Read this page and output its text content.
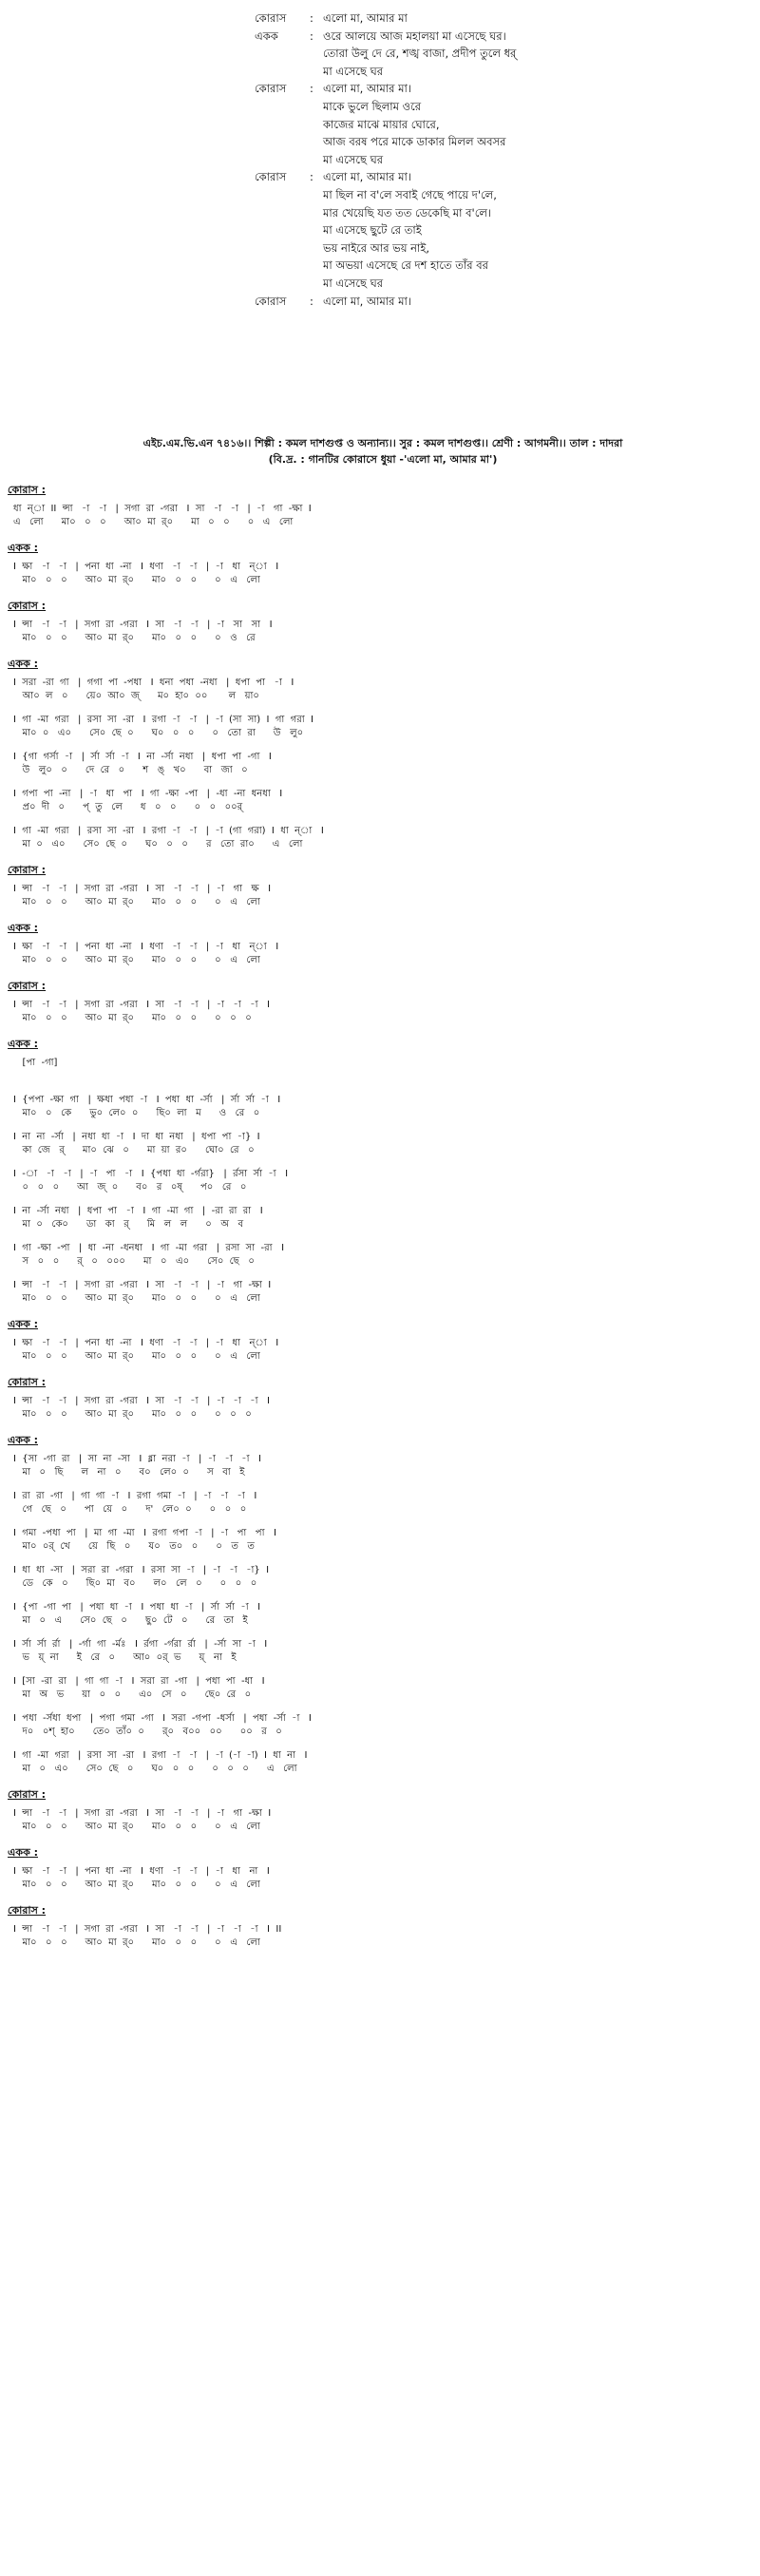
কোরাস	: এলো মা, আমার মা
একক	: ওরে আলয়ে আজ মহালয়া মা এসেছে ঘর।
তোরা উলু দে রে, শঙ্খ বাজা, প্রদীপ তুলে ধর্‌
মা এসেছে ঘর
কোরাস	: এলো মা, আমার মা।
মাকে ভুলে ছিলাম ওরে
কাজের মাঝে মায়ার ঘোরে,
আজ বরষ পরে মাকে ডাকার মিলল অবসর
মা এসেছে ঘর
কোরাস	: এলো মা, আমার মা।
মা ছিল না ব'লে সবাই গেছে পায়ে দ'লে,
মার খেয়েছি যত তত ডেকেছি মা ব'লে।
মা এসেছে ছুটে রে তাই
ভয় নাইরে আর ভয় নাই,
মা অভয়া এসেছে রে দশ হাতে তাঁর বর
মা এসেছে ঘর
কোরাস	: এলো মা, আমার মা।
এইচ.এম.ভি.এন ৭৪১৬।। শিল্পী : কমল দাশগুপ্ত ও অন্যান্য।। সুর : কমল দাশগুপ্ত।। শ্রেণী : আগমনী।। তাল : দাদরা
(বি.দ্র. : গানটির কোরাসে ধুয়া -'এলো মা, আমার মা')
কোরাস :
ধা  ন্া  II  ন্সা   -া   -া   |  সগা  রা  -গরা   I  সা   -া   -া   |  -া   গা  -ক্ষা  I
এ   লো      মা০   ০   ০      আ০  মা  র্‌০      মা   ০   ০      ০   এ   লো
একক :
I  ক্ষা   -া   -া   |  পনা  ধা  -না   I  ধণা   -া   -া   |  -া   ধা   ন্া   I
মা০   ০   ০      আ০  মা  র্‌০      মা০   ০   ০      ০   এ   লো
কোরাস :
I  ন্সা   -া   -া   |  সগা  রা  -গরা   I  সা   -া   -া   |  -া   সা   সা   I
মা০   ০   ০      আ০  মা  র্‌০      মা০   ০   ০      ০   ও   রে
একক :
I  সরা  -রা  গা   |  গগা  পা  -পধা   I  ধনা  পধা  -নধা   |  ধপা  পা   -া   I
আ০  ল   ০      য়ে০  আ০  জ্‌      ম০  হা০  ০০       ল   য়া০
I  গা  -মা  গরা   |  রসা  সা  -রা   I  রগা  -া   -া   |  -া  (সা  সা)  I  গা  গরা  I
মা০  ০   এ০      সে০  ছে  ০      ঘ০   ০   ০      ০   তো  রা      উ   লু০
I  {গা  গর্সা  -া   |  র্সা  র্সা  -া   I  না  -র্সা  নধা   |  ধপা  পা  -গা   I
উ   লু০   ০      দে  রে   ০      শ   ঙ্‌   খ০      বা   জা   ০
I  গপা  পা  -না   |  -া   ধা   পা   I  গা  -ক্ষা  -পা   |  -ধা  -না  ধনধা   I
প্র০  দী   ০      প্‌  তু   লে      ধ   ০   ০      ০   ০   ০০র্‌
I  গা  -মা  গরা   |  রসা  সা  -রা   I  রগা  -া   -া   |  -া  (গা  গরা)  I  ধা  ন্া   I
মা  ০   এ০      সে০  ছে  ০      ঘ০   ০   ০      র   তো  রা০      এ   লো
কোরাস :
I  ন্সা   -া   -া   |  সগা  রা  -গরা   I  সা   -া   -া   |  -া   গা   ক্ষ   I
মা০   ০   ০      আ০  মা  র্‌০      মা০   ০   ০      ০   এ   লো
একক :
I  ক্ষা   -া   -া   |  পনা  ধা  -না   I  ধণা   -া   -া   |  -া   ধা   ন্া   I
মা০   ০   ০      আ০  মা  র্‌০      মা০   ০   ০      ০   এ   লো
কোরাস :
I  ন্সা   -া   -া   |  সগা  রা  -গরা   I  সা   -া   -া   |  -া   -া   -া   I
মা০   ০   ০      আ০  মা  র্‌০      মা০   ০   ০      ০   ০   ০
একক :
[পা  -গা]
I  {পপা  -ক্ষা  গা   |  ক্ষধা  পধা  -া   I  পধা  ধা  -র্সা   |  র্সা  র্সা  -া   I
মা০   ০   কে      ভু০  লে০  ০      ছি০  লা   ম      ও   রে   ০
I  না  না  -র্সা   |  নধা  ধা  -া   I  দা  ধা  নধা   |  ধপা  পা  -া}  I
কা  জে   র্‌      মা০  ঝে   ০      মা  য়া  র০      ঘো০  রে   ০
I  -া   -া   -া   |  -া   পা   -া   I  {পধা  ধা  -র্গরা}   |  র্রসা  র্সা  -া   I
০   ০   ০      আ   জ্‌  ০      ব০   র   ০ষ্‌      প০   রে   ০
I  না  -র্সা  নধা   |  ধপা  পা   -া   I  গা  -মা  গা   |  -রা  রা  রা   I
মা  ০   কে০      ডা   কা   র্‌      মি   ল   ল      ০   অ   ব
I  গা  -ক্ষা  -পা   |  ধা  -না  -ধনধা   I  গা  -মা  গরা   |  রসা  সা  -রা   I
স   ০   ০      র্‌   ০   ০০০      মা   ০   এ০      সে০  ছে   ০
I  ন্সা   -া   -া   |  সগা  রা  -গরা   I  সা   -া   -া   |  -া   গা  -ক্ষা  I
মা০   ০   ০      আ০  মা  র্‌০      মা০   ০   ০      ০   এ   লো
একক :
I  ক্ষা   -া   -া   |  পনা  ধা  -না   I  ধণা   -া   -া   |  -া   ধা   ন্া   I
মা০   ০   ০      আ০  মা  র্‌০      মা০   ০   ০      ০   এ   লো
কোরাস :
I  ন্সা   -া   -া   |  সগা  রা  -গরা   I  সা   -া   -া   |  -া   -া   -া   I
মা০   ০   ০      আ০  মা  র্‌০      মা০   ০   ০      ০   ০   ০
একক :
I  {সা  -গা  রা   |  সা  না  -সা   I  ধ্না  নরা  -া   |  -া   -া   -া   I
মা   ০   ছি      ল   না   ০      ব০   লে০  ০      স   বা   ই
I  রা  রা  -গা   |  গা  গা  -া   I  রগা  গমা  -া   |  -া   -া   -া   I
গে   ছে   ০      পা   য়ে   ০      দ'   লে০  ০      ০   ০   ০
I  গমা  -পধা  পা   |  মা  গা  -মা   I  রগা  গপা  -া   |  -া   পা   পা   I
মা০  ০র্‌  খে      য়ে   ছি   ০      য০   ত০   ০      ০   ত   ত
I  ধা  ধা  -সা   |  সরা  রা  -গরা   I  রসা  সা  -া   |  -া   -া   -া}  I
ডে   কে   ০      ছি০  মা   ব০      ল০   লে   ০      ০   ০   ০
I  {পা  -গা  পা   |  পধা  ধা  -া   I  পধা  ধা  -া   |  র্সা  র্সা  -া   I
মা   ০   এ      সে০  ছে   ০      ছু০  টে   ০      রে   তা   ই
I  র্সা  র্সা  র্রা   |  -র্গা  গা  -র্মঃ   I  র্রগা  -র্গরা  র্রা   |  -র্সা  সা  -া   I
ভ   য়্‌  না      ই   রে   ০      আ০  ০র্‌  ভ      য়্‌   না   ই
I  [সা  -রা  রা   |  গা  গা  -া   I  সরা  রা  -গা   |  পধা  পা  -ধা   I
মা   অ   ভ      য়া   ০   ০      এ০   সে   ০      ছে০  রে   ০
I  পধা  -র্সধা  ধপা   |  পগা  গমা  -গা   I  সরা  -গপা  -ধর্সা   |  পধা  -র্সা  -া   I
দ০   ০শ্‌  হা০      তে০  তাঁ০  ০      র্‌০   ব০০   ০০      ০০   র   ০
I  গা  -মা  গরা   |  রসা  সা  -রা   I  রগা  -া   -া   |  -া  (-া  -া)  I  ধা  না   I
মা   ০   এ০      সে০  ছে   ০      ঘ০   ০   ০      ০   ০   ০      এ   লো
কোরাস :
I  ন্সা   -া   -া   |  সগা  রা  -গরা   I  সা   -া   -া   |  -া   গা  -ক্ষা  I
মা০   ০   ০      আ০  মা  র্‌০      মা০   ০   ০      ০   এ   লো
একক :
I  ক্ষা   -া   -া   |  পনা  ধা  -না   I  ধণা   -া   -া   |  -া   ধা   না   I
মা০   ০   ০      আ০  মা  র্‌০      মা০   ০   ০      ০   এ   লো
কোরাস :
I  ন্সা   -া   -া   |  সগা  রা  -গরা   I  সা   -া   -া   |  -া   -া   -া   I  II
মা০   ০   ০      আ০  মা  র্‌০      মা০   ০   ০      ০   এ   লো
